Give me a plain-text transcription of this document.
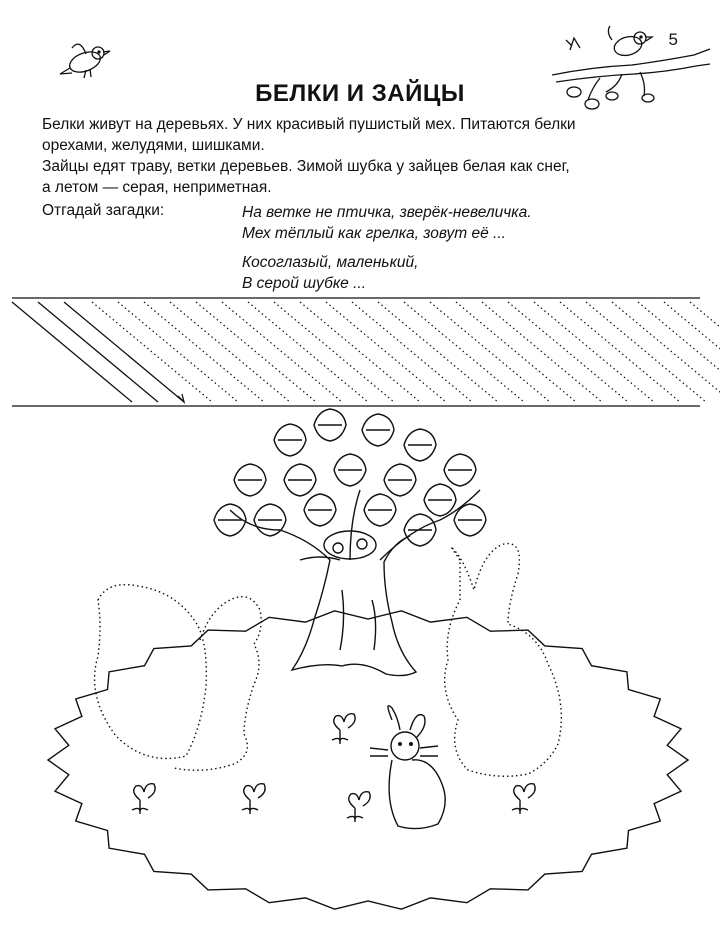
5
БЕЛКИ И ЗАЙЦЫ
Белки живут на деревьях. У них красивый пушистый мех. Питаются белки
орехами, желудями, шишками.
Зайцы едят траву, ветки деревьев. Зимой шубка у зайцев белая как снег,
а летом — серая, неприметная.
Отгадай загадки:	На ветке не птичка, зверёк-невеличка.
Мех тёплый как грелка, зовут её ...
Косоглазый, маленький,
В серой шубке ...
